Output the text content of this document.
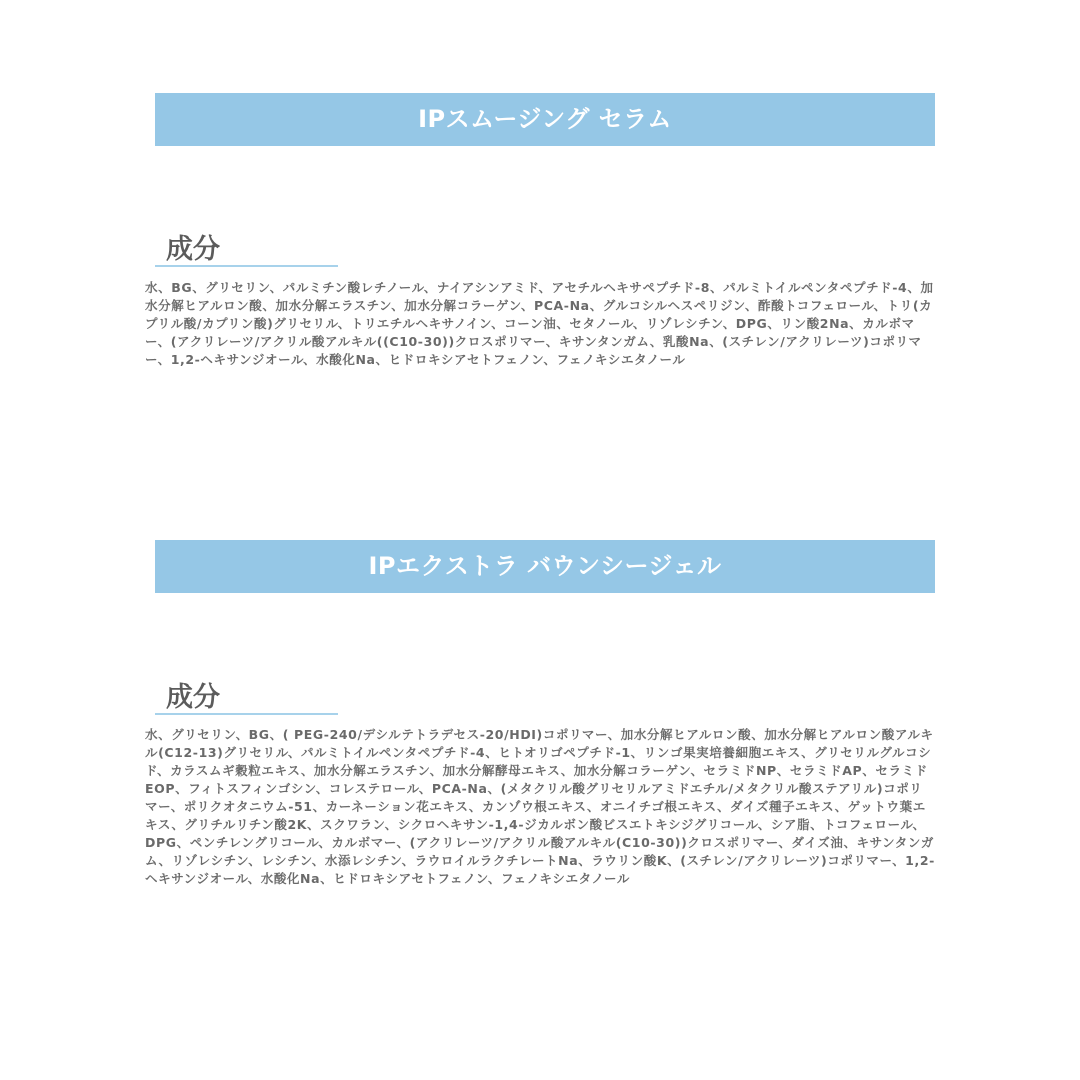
IPスムージング セラム
成分
水、BG、グリセリン、パルミチン酸レチノール、ナイアシンアミド、アセチルヘキサペプチド-8、パルミトイルペンタペプチド-4、加水分解ヒアルロン酸、加水分解エラスチン、加水分解コラーゲン、PCA-Na、グルコシルヘスペリジン、酢酸トコフェロール、トリ(カプリル酸/カプリン酸)グリセリル、トリエチルヘキサノイン、コーン油、セタノール、リゾレシチン、DPG、リン酸2Na、カルボマー、(アクリレーツ/アクリル酸アルキル((C10-30))クロスポリマー、キサンタンガム、乳酸Na、(スチレン/アクリレーツ)コポリマー、1,2-ヘキサンジオール、水酸化Na、ヒドロキシアセトフェノン、フェノキシエタノール
IPエクストラ バウンシージェル
成分
水、グリセリン、BG、( PEG-240/デシルテトラデセス-20/HDI)コポリマー、加水分解ヒアルロン酸、加水分解ヒアルロン酸アルキル(C12-13)グリセリル、パルミトイルペンタペプチド-4、ヒトオリゴペプチド-1、リンゴ果実培養細胞エキス、グリセリルグルコシド、カラスムギ穀粒エキス、加水分解エラスチン、加水分解酵母エキス、加水分解コラーゲン、セラミドNP、セラミドAP、セラミドEOP、フィトスフィンゴシン、コレステロール、PCA-Na、(メタクリル酸グリセリルアミドエチル/メタクリル酸ステアリル)コポリマー、ポリクオタニウム-51、カーネーション花エキス、カンゾウ根エキス、オニイチゴ根エキス、ダイズ種子エキス、ゲットウ葉エキス、グリチルリチン酸2K、スクワラン、シクロヘキサン-1,4-ジカルボン酸ビスエトキシジグリコール、シア脂、トコフェロール、DPG、ペンチレングリコール、カルボマー、(アクリレーツ/アクリル酸アルキル(C10-30))クロスポリマー、ダイズ油、キサンタンガム、リゾレシチン、レシチン、水添レシチン、ラウロイルラクチレートNa、ラウリン酸K、(スチレン/アクリレーツ)コポリマー、1,2-ヘキサンジオール、水酸化Na、ヒドロキシアセトフェノン、フェノキシエタノール
